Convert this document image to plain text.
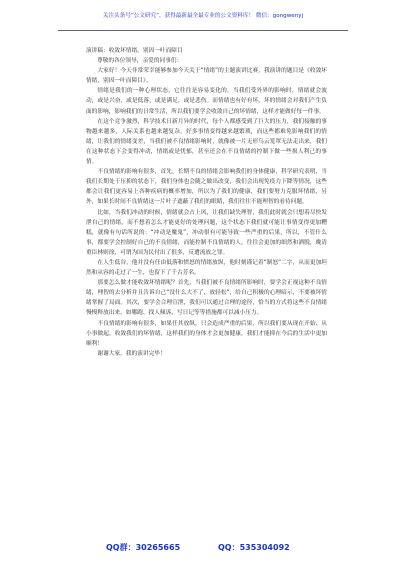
关注头条号“公文研究”，获得最新最全最专业的公文资料库！ 微信：gongwenyj

演讲稿：收敛坏情绪，别因一叶而障目

尊敬的各位领导，亲爱的同事们：

大家好！今天非常荣幸能够参加今天关于“情绪”的主题演讲比赛，我演讲的题目是《收敛坏情绪，别因一叶而障目》。

情绪是我们的一种心理状态，它往往是容易变化的，当我们受外界的影响时，情绪就会波动，或是兴奋，或是低落，或是满足，或是悲伤。而情绪也有好有坏，坏的情绪会对我们产生负面的影响，影响我们的日常生活，所以我们要学会收敛自己的坏情绪，这样才能做好每一件事。

在这个竞争激烈，科学技术日新月异的时代，每个人都感受到了巨大的压力，我们接触的事物越来越多，人际关系也越来越复杂，好多事情变得越来越繁琐，而这些都难免影响我们的情绪，让我们的情绪变差，当我们被不良情绪影响时，就像被一片无形乌云笼罩无法走出来，我们在这种状态下会变得冲动，情绪或是忧郁，甚至还会在不良情绪的控制下做一些损人利己的事情。

不良情绪的影响有很多，首先，长期不良的情绪会影响我们的身体健康，科学研究表明，当我们长期处于压抑的状态下，我们身体也会随之做出改变，我们会出现免疫力下降等情况，这些都会让我们更容易上各种疾病的概率增加，所以为了我们的健康，我们要努力克服坏情绪，另外，如果长时间不良情绪这一片叶子遮蔽了我们的眼睛，我们往往不能理智的看待问题。

比如，当我们冲动的时候，情绪就会占上风，让我们缺失理智，我们此时就会只想着尽快发泄自己的情绪，而不想着怎么才能更好的处理问题，这个状态下我们就可能让事情变得更加糟糕，就像有句话所说的：“冲动是魔鬼”，冲动很有可能导致一些严重的后果，所以，不管什么事，都要学会控制好自己的不良情绪，而能控制不良情绪的人，往往会更加的细然和洒脱，晚清重臣林则徐，可谓为国为民付出了很多，反遭流放之罪。

在人生低谷，他并没有任由低落和愤怒的情绪放纵，他时刻谨记着“制怒”二字，从而更加坦然和从容的走过了一生，也留下了千古芳名。

那要怎么做才能收敛坏情绪呢？首先，当我们被不良情绪所影响时，要学会正视这种不良情绪，理智的去分析并且告诉自己“没什么大不了，放轻松”，给自己积极的心理暗示，不要被坏情绪掌握了局面。其次，要学会合理宣泄，我们可以通过合理的途径，恰当的方式将这些不良情绪慢慢释放出来，如哪跑、找人倾诉、写日记等等措施都可以减小压力。

不良情绪的影响有很多，如果任其放纵，只会造成严重的后果，所以我们要从现在开始、从小事做起，收敛我们的坏情绪，这样我们的身体才会更加健康，我们才能抑在今后的生活中更加顺利！

谢谢大家，我的演讲完毕！

QQ群：30265665	QQ：535304092
